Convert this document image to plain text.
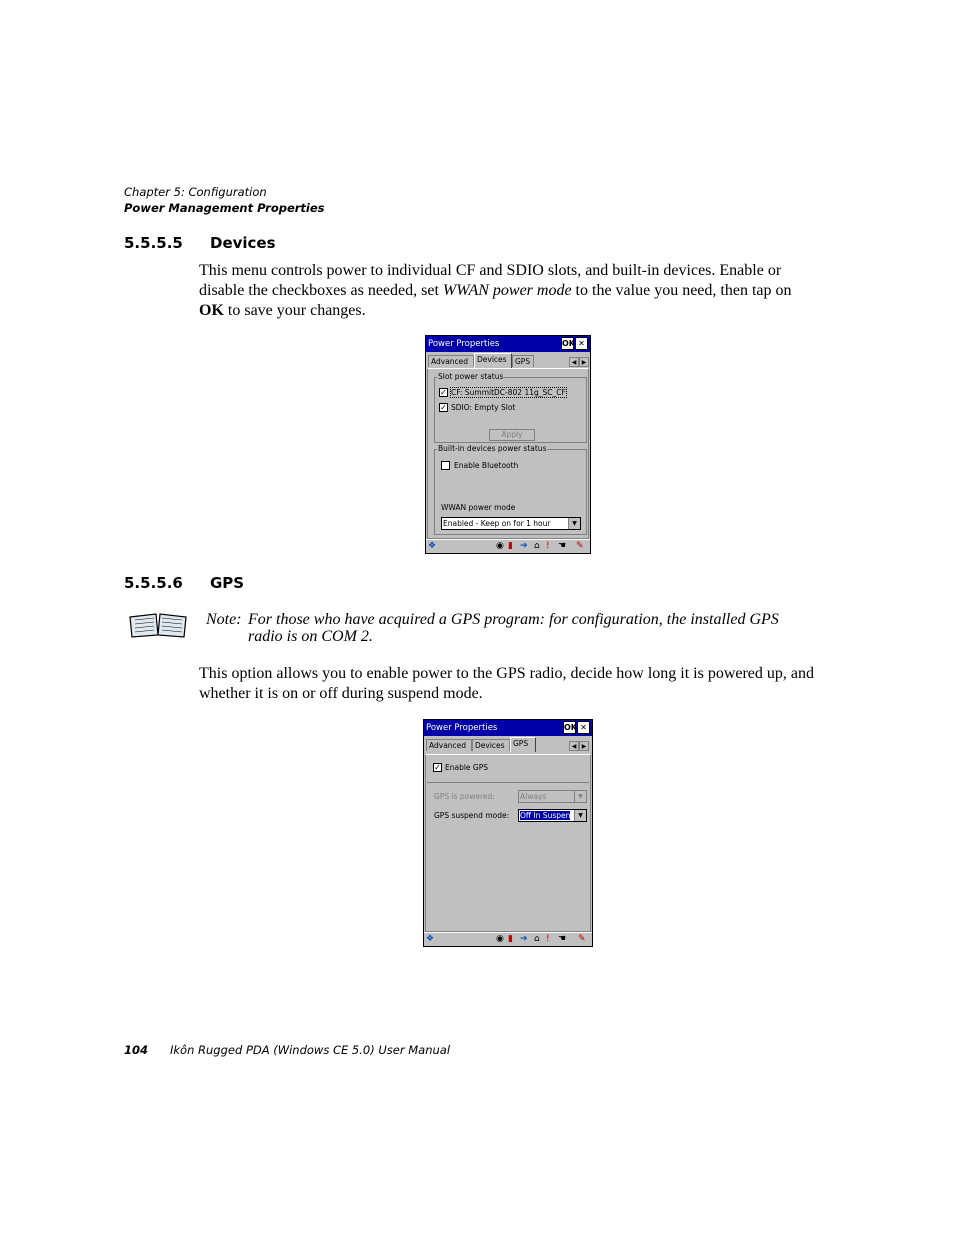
Chapter 5: Configuration
Power Management Properties
5.5.5.5 Devices
This menu controls power to individual CF and SDIO slots, and built-in devices. Enable or disable the checkboxes as needed, set WWAN power mode to the value you need, then tap on OK to save your changes.
Power Properties	OK ✕
Advanced	Devices	GPS	◀ ▶
Slot power status
✓ CF: SummitDC-802 11g_SC_CF
✓ SDIO: Empty Slot
Apply
Built-in devices power status
Enable Bluetooth
WWAN power mode
Enabled - Keep on for 1 hour	▼
❖	◉ ▮ ➔ ⌂ ! ☚ ✎
5.5.5.6 GPS
Note: For those who have acquired a GPS program: for configuration, the installed GPS radio is on COM 2.
This option allows you to enable power to the GPS radio, decide how long it is powered up, and whether it is on or off during suspend mode.
Power Properties	OK ✕
Advanced	Devices	GPS	◀ ▶
✓ Enable GPS
GPS is powered:	Always	▼
GPS suspend mode: Off In Suspen	▼
❖	◉ ▮ ➔ ⌂ ! ☚ ✎
104 Ikôn Rugged PDA (Windows CE 5.0) User Manual
